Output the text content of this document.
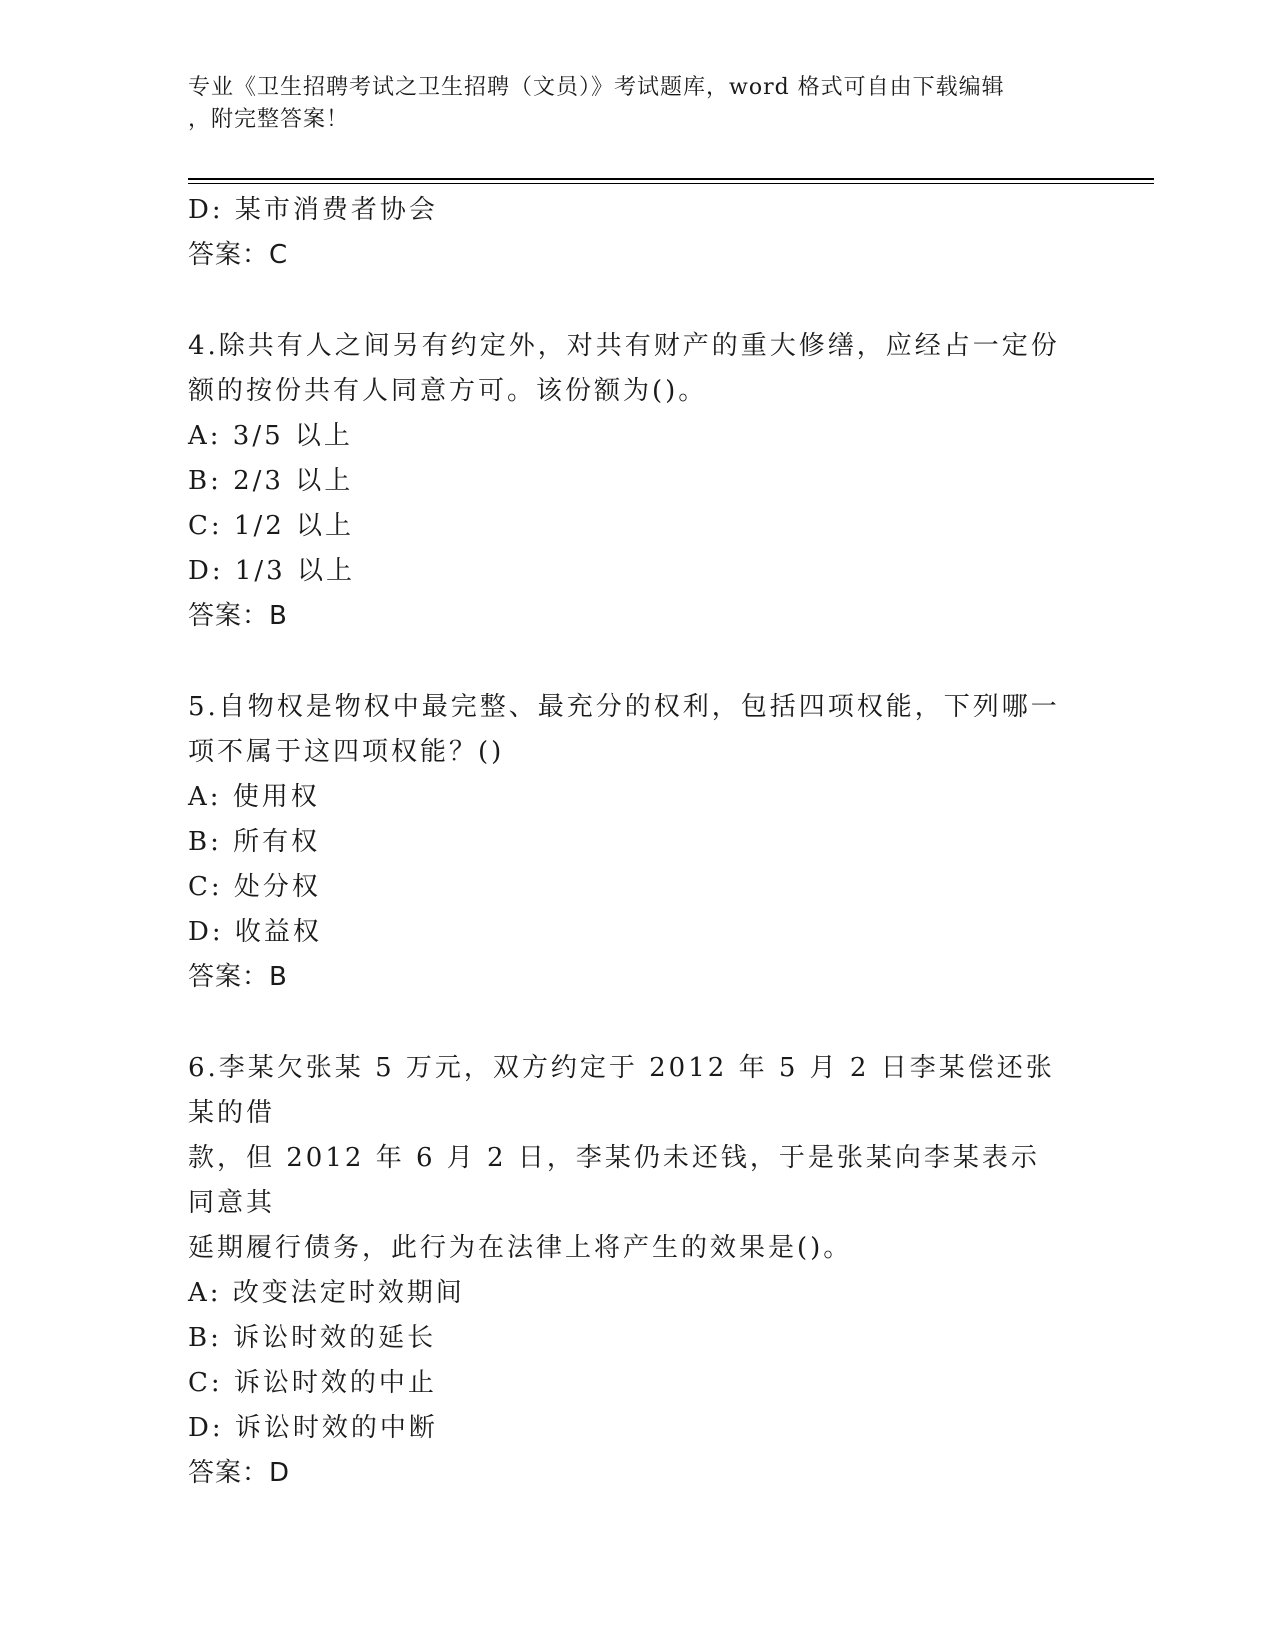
专业《卫生招聘考试之卫生招聘（文员）》考试题库，word 格式可自由下载编辑
，附完整答案！
D: 某市消费者协会
答案：C
4.除共有人之间另有约定外，对共有财产的重大修缮，应经占一定份
额的按份共有人同意方可。该份额为()。
A: 3/5 以上
B: 2/3 以上
C: 1/2 以上
D: 1/3 以上
答案：B
5.自物权是物权中最完整、最充分的权利，包括四项权能，下列哪一
项不属于这四项权能？()
A: 使用权
B: 所有权
C: 处分权
D: 收益权
答案：B
6.李某欠张某 5 万元，双方约定于 2012 年 5 月 2 日李某偿还张某的借
款，但 2012 年 6 月 2 日，李某仍未还钱，于是张某向李某表示同意其
延期履行债务，此行为在法律上将产生的效果是()。
A: 改变法定时效期间
B: 诉讼时效的延长
C: 诉讼时效的中止
D: 诉讼时效的中断
答案：D
